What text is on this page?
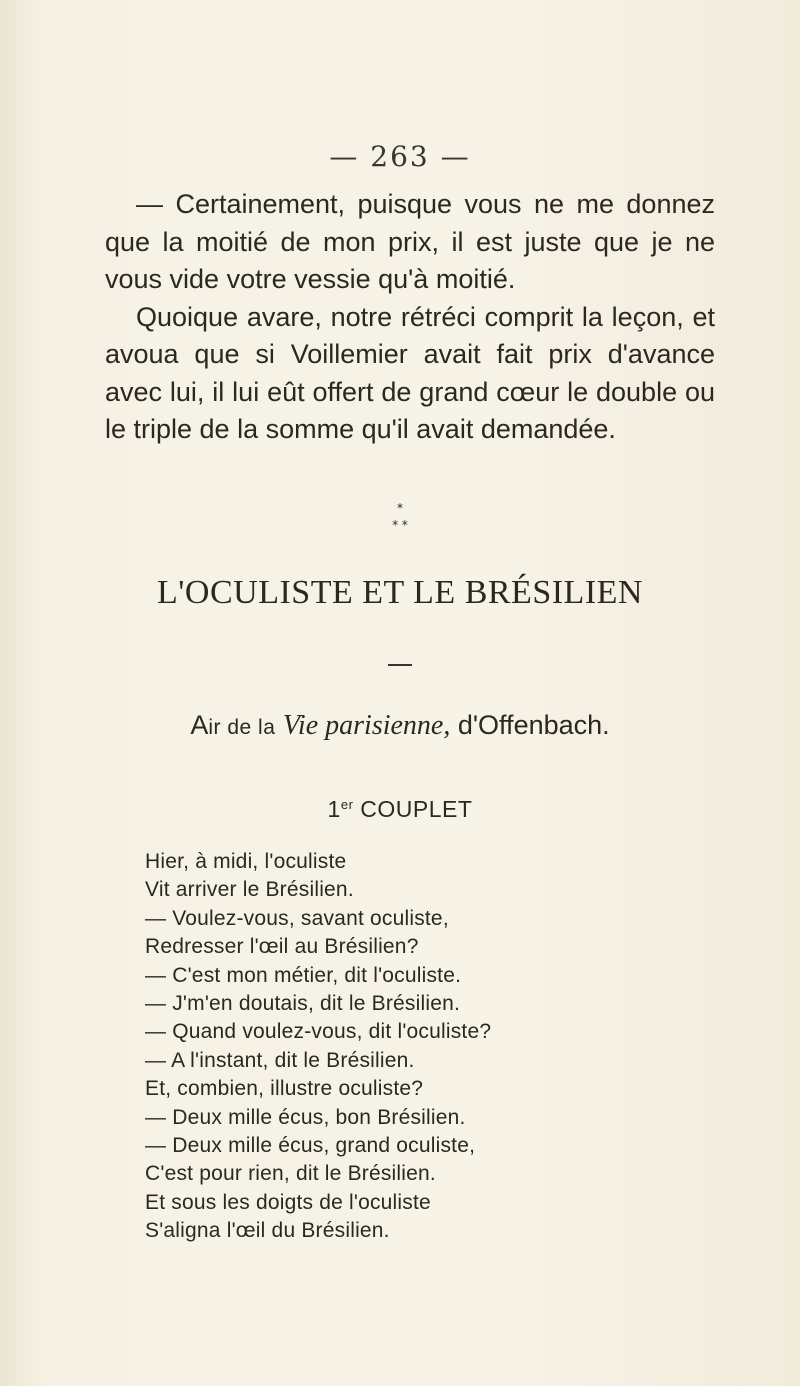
— 263 —

— Certainement, puisque vous ne me donnez que la moitié de mon prix, il est juste que je ne vous vide votre vessie qu'à moitié.

Quoique avare, notre rétréci comprit la leçon, et avoua que si Voillemier avait fait prix d'avance avec lui, il lui eût offert de grand cœur le double ou le triple de la somme qu'il avait demandée.

*
* *
L'OCULISTE ET LE BRÉSILIEN
Air de la Vie parisienne, d'Offenbach.
1er COUPLET
Hier, à midi, l'oculiste
Vit arriver le Brésilien.
— Voulez-vous, savant oculiste,
Redresser l'œil au Brésilien?
— C'est mon métier, dit l'oculiste.
— J'm'en doutais, dit le Brésilien.
— Quand voulez-vous, dit l'oculiste?
— A l'instant, dit le Brésilien.
Et, combien, illustre oculiste?
— Deux mille écus, bon Brésilien.
— Deux mille écus, grand oculiste,
C'est pour rien, dit le Brésilien.
Et sous les doigts de l'oculiste
S'aligna l'œil du Brésilien.
